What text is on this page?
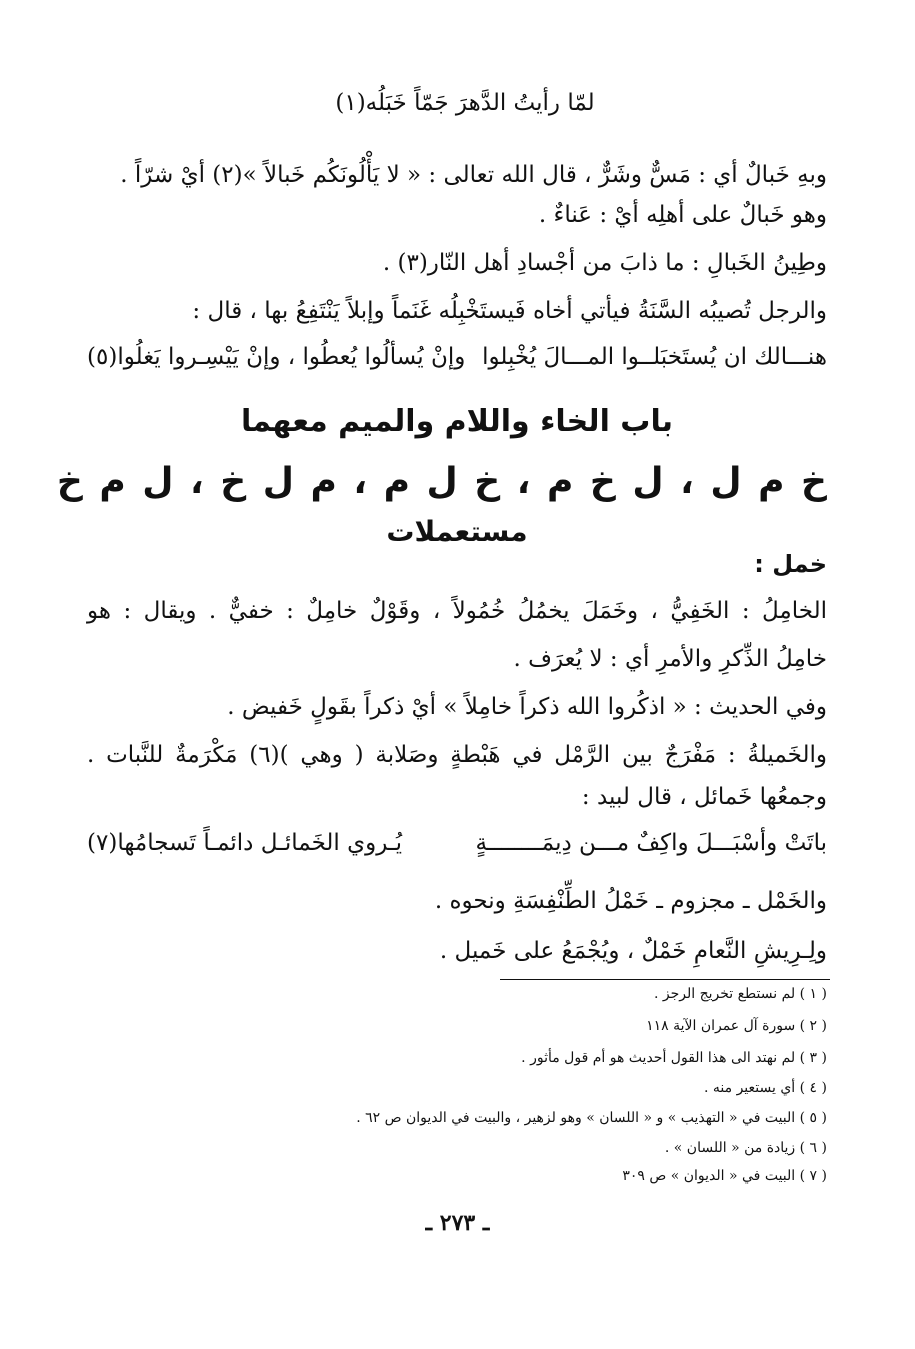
لمّا رأيتُ الدَّهرَ جَمّاً خَبَلُه(١)
وبهِ خَبالٌ أي : مَسٌّ وشَرٌّ ، قال الله تعالى : « لا يَأْلُونَكُم خَبالاً »(٢) أيْ شرّاً .
وهو خَبالٌ على أهلِه أيْ : عَناءٌ .
وطِينُ الخَبالِ : ما ذابَ من أجْسادِ أهل النّار(٣) .
والرجل تُصيبُه السَّنَةُ فيأتي أخاه فَيستَخْبِلُه غَنَماً وإبلاً يَنْتَفِعُ بها ، قال :
هنـــالك ان يُستَخبَلــوا المـــالَ يُخْبِلوا
وإنْ يُسألُوا يُعطُوا ، وإنْ يَيْسِـروا يَغلُوا(٥)
باب الخاء واللام والميم معهما
خ م ل ، ل خ م ، خ ل م ، م ل خ ، ل م خ
مستعملات
خمل :
الخامِلُ : الخَفِيُّ ، وخَمَلَ يخمُلُ خُمُولاً ، وقَوْلٌ خامِلٌ : خفيٌّ . ويقال : هو
خامِلُ الذِّكرِ والأمرِ أي : لا يُعرَف .
وفي الحديث : « اذكُروا الله ذكراً خامِلاً » أيْ ذكراً بقَولٍ خَفيض .
والخَميلةُ : مَفْرَجٌ بين الرَّمْل في هَبْطةٍ وصَلابة ( وهي )(٦) مَكْرَمةٌ للنَّبات .
وجمعُها خَمائل ، قال لبيد :
باتَتْ وأسْبَـــلَ واكِفٌ مـــن دِيمَــــــــةٍ
يُـروي الخَمائـل دائمـاً تَسجامُها(٧)
والخَمْل ـ مجزوم ـ خَمْلُ الطِّنْفِسَةِ ونحوه .
ولِـرِيشِ النَّعامِ خَمْلٌ ، ويُجْمَعُ على خَميل .
( ١ ) لم نستطع تخريج الرجز .
( ٢ ) سورة آل عمران الآية ١١٨
( ٣ ) لم نهتد الى هذا القول أحديث هو أم قول مأثور .
( ٤ ) أي يستعير منه .
( ٥ ) البيت في « التهذيب » و « اللسان » وهو لزهير ، والبيت في الديوان ص ٦٢ .
( ٦ ) زيادة من « اللسان » .
( ٧ ) البيت في « الديوان » ص ٣٠٩
ـ ٢٧٣ ـ
